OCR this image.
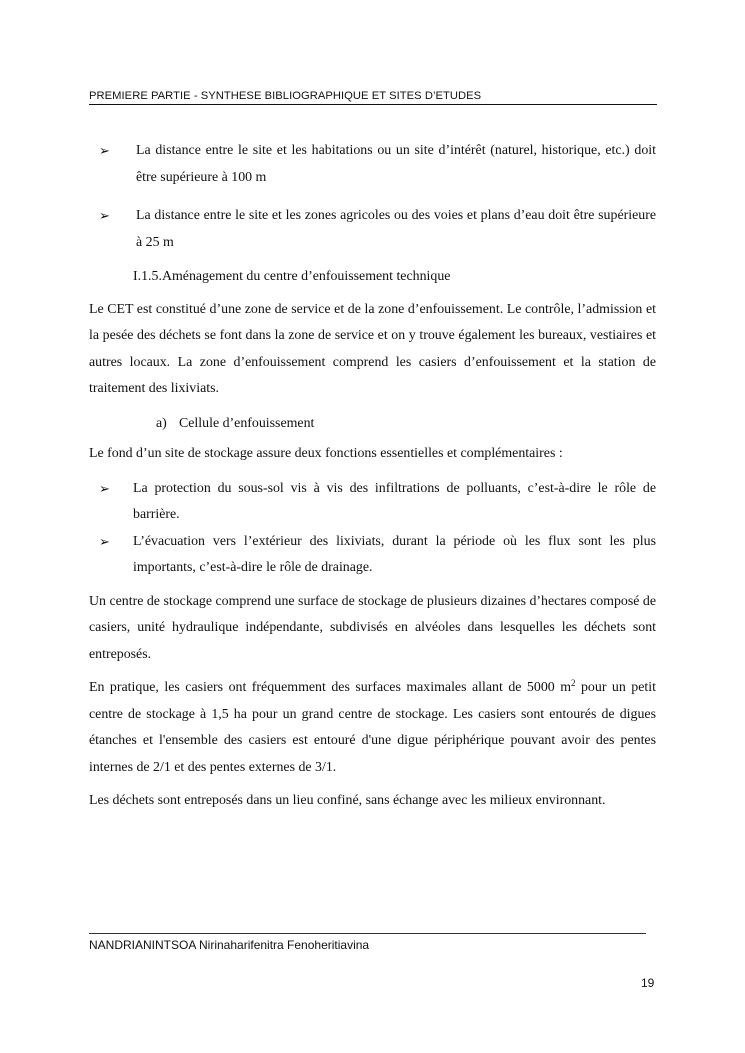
PREMIERE PARTIE - SYNTHESE BIBLIOGRAPHIQUE ET SITES D’ETUDES
➢ La distance entre le site et les habitations ou un site d’intérêt (naturel, historique, etc.) doit être supérieure à 100 m
➢ La distance entre le site et les zones agricoles ou des voies et plans d’eau doit être supérieure à 25 m
I.1.5.Aménagement du centre d’enfouissement technique

Le CET est constitué d’une zone de service et de la zone d’enfouissement. Le contrôle, l’admission et la pesée des déchets se font dans la zone de service et on y trouve également les bureaux, vestiaires et autres locaux. La zone d’enfouissement comprend les casiers d’enfouissement et la station de traitement des lixiviats.

a) Cellule d’enfouissement

Le fond d’un site de stockage assure deux fonctions essentielles et complémentaires :

➢ La protection du sous-sol vis à vis des infiltrations de polluants, c’est-à-dire le rôle de barrière.
➢ L’évacuation vers l’extérieur des lixiviats, durant la période où les flux sont les plus importants, c’est-à-dire le rôle de drainage.

Un centre de stockage comprend une surface de stockage de plusieurs dizaines d’hectares composé de casiers, unité hydraulique indépendante, subdivisés en alvéoles dans lesquelles les déchets sont entreposés.

En pratique, les casiers ont fréquemment des surfaces maximales allant de 5000 $m^2$ pour un petit centre de stockage à 1,5 ha pour un grand centre de stockage. Les casiers sont entourés de digues étanches et l'ensemble des casiers est entouré d'une digue périphérique pouvant avoir des pentes internes de 2/1 et des pentes externes de 3/1.

Les déchets sont entreposés dans un lieu confiné, sans échange avec les milieux environnant.

NANDRIANINTSOA Nirinaharifenitra Fenoheritiavina
19
